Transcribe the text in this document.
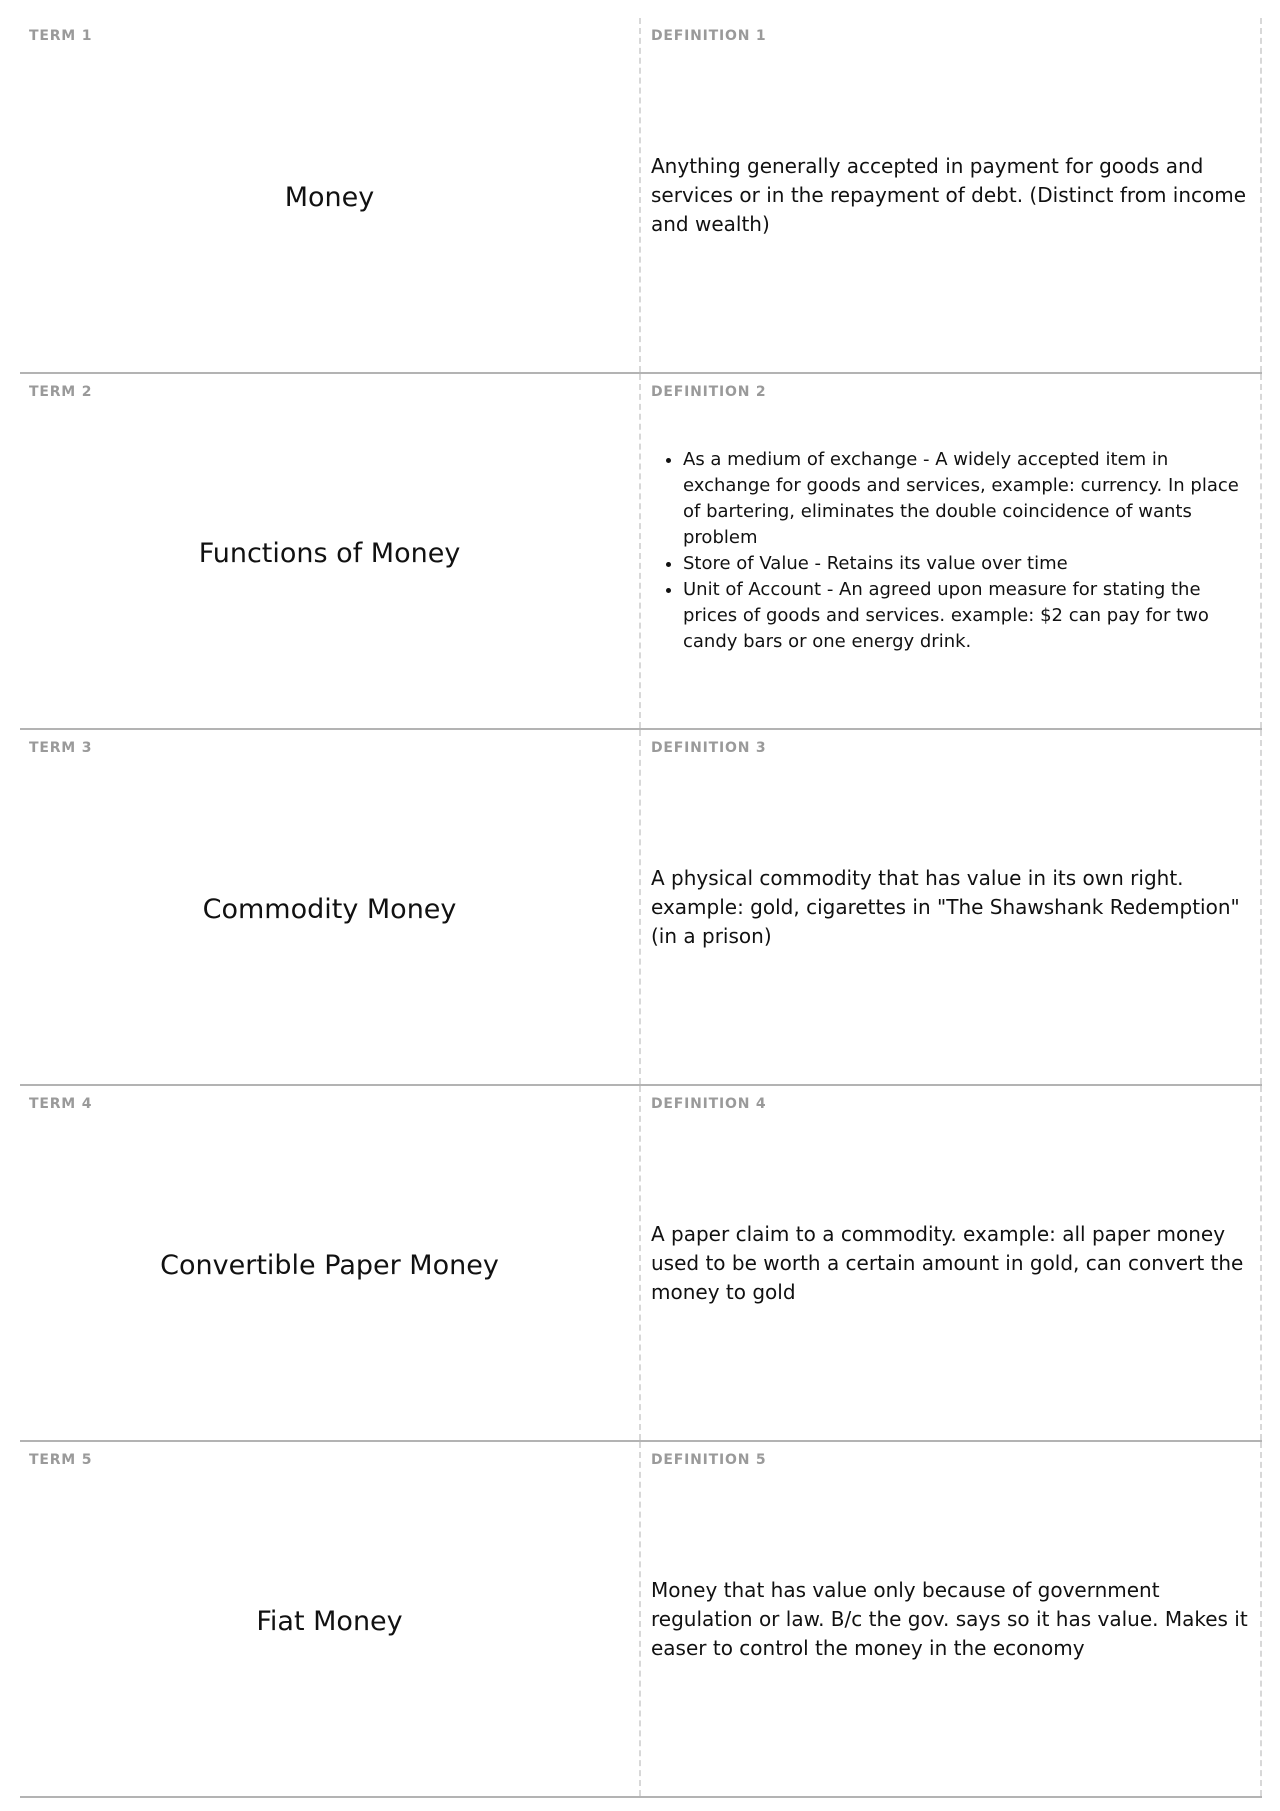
TERM 1
Money
DEFINITION 1
Anything generally accepted in payment for goods and services or in the repayment of debt. (Distinct from income and wealth)
TERM 2
Functions of Money
DEFINITION 2
• As a medium of exchange - A widely accepted item in exchange for goods and services, example: currency. In place of bartering, eliminates the double coincidence of wants problem
• Store of Value - Retains its value over time
• Unit of Account - An agreed upon measure for stating the prices of goods and services. example: $2 can pay for two candy bars or one energy drink.
TERM 3
Commodity Money
DEFINITION 3
A physical commodity that has value in its own right. example: gold, cigarettes in "The Shawshank Redemption" (in a prison)
TERM 4
Convertible Paper Money
DEFINITION 4
A paper claim to a commodity. example: all paper money used to be worth a certain amount in gold, can convert the money to gold
TERM 5
Fiat Money
DEFINITION 5
Money that has value only because of government regulation or law. B/c the gov. says so it has value. Makes it easer to control the money in the economy
